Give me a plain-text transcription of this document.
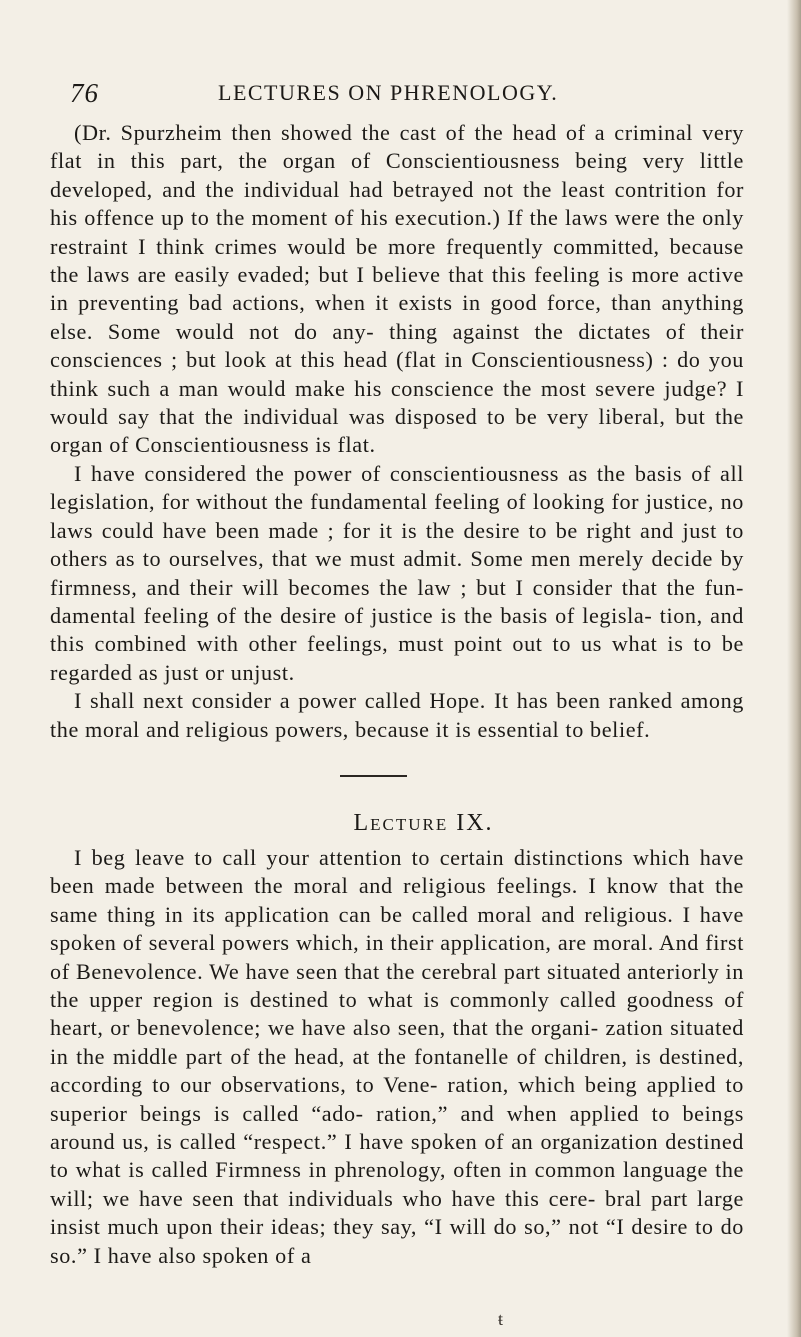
76	LECTURES ON PHRENOLOGY.

(Dr. Spurzheim then showed the cast of the head of a criminal very flat in this part, the organ of Conscientiousness being very little developed, and the individual had betrayed not the least contrition for his offence up to the moment of his execution.) If the laws were the only restraint I think crimes would be more frequently committed, because the laws are easily evaded; but I believe that this feeling is more active in preventing bad actions, when it exists in good force, than anything else. Some would not do any- thing against the dictates of their consciences ; but look at this head (flat in Conscientiousness) : do you think such a man would make his conscience the most severe judge? I would say that the individual was disposed to be very liberal, but the organ of Conscientiousness is flat.

I have considered the power of conscientiousness as the basis of all legislation, for without the fundamental feeling of looking for justice, no laws could have been made ; for it is the desire to be right and just to others as to ourselves, that we must admit. Some men merely decide by firmness, and their will becomes the law ; but I consider that the fun- damental feeling of the desire of justice is the basis of legisla- tion, and this combined with other feelings, must point out to us what is to be regarded as just or unjust.

I shall next consider a power called Hope. It has been ranked among the moral and religious powers, because it is essential to belief.

Lecture IX.

I beg leave to call your attention to certain distinctions which have been made between the moral and religious feelings. I know that the same thing in its application can be called moral and religious. I have spoken of several powers which, in their application, are moral. And first of Benevolence. We have seen that the cerebral part situated anteriorly in the upper region is destined to what is commonly called goodness of heart, or benevolence; we have also seen, that the organi- zation situated in the middle part of the head, at the fontanelle of children, is destined, according to our observations, to Vene- ration, which being applied to superior beings is called “ado- ration,” and when applied to beings around us, is called “respect.” I have spoken of an organization destined to what is called Firmness in phrenology, often in common language the will; we have seen that individuals who have this cere- bral part large insist much upon their ideas; they say, “I will do so,” not “I desire to do so.” I have also spoken of a

ŧ
